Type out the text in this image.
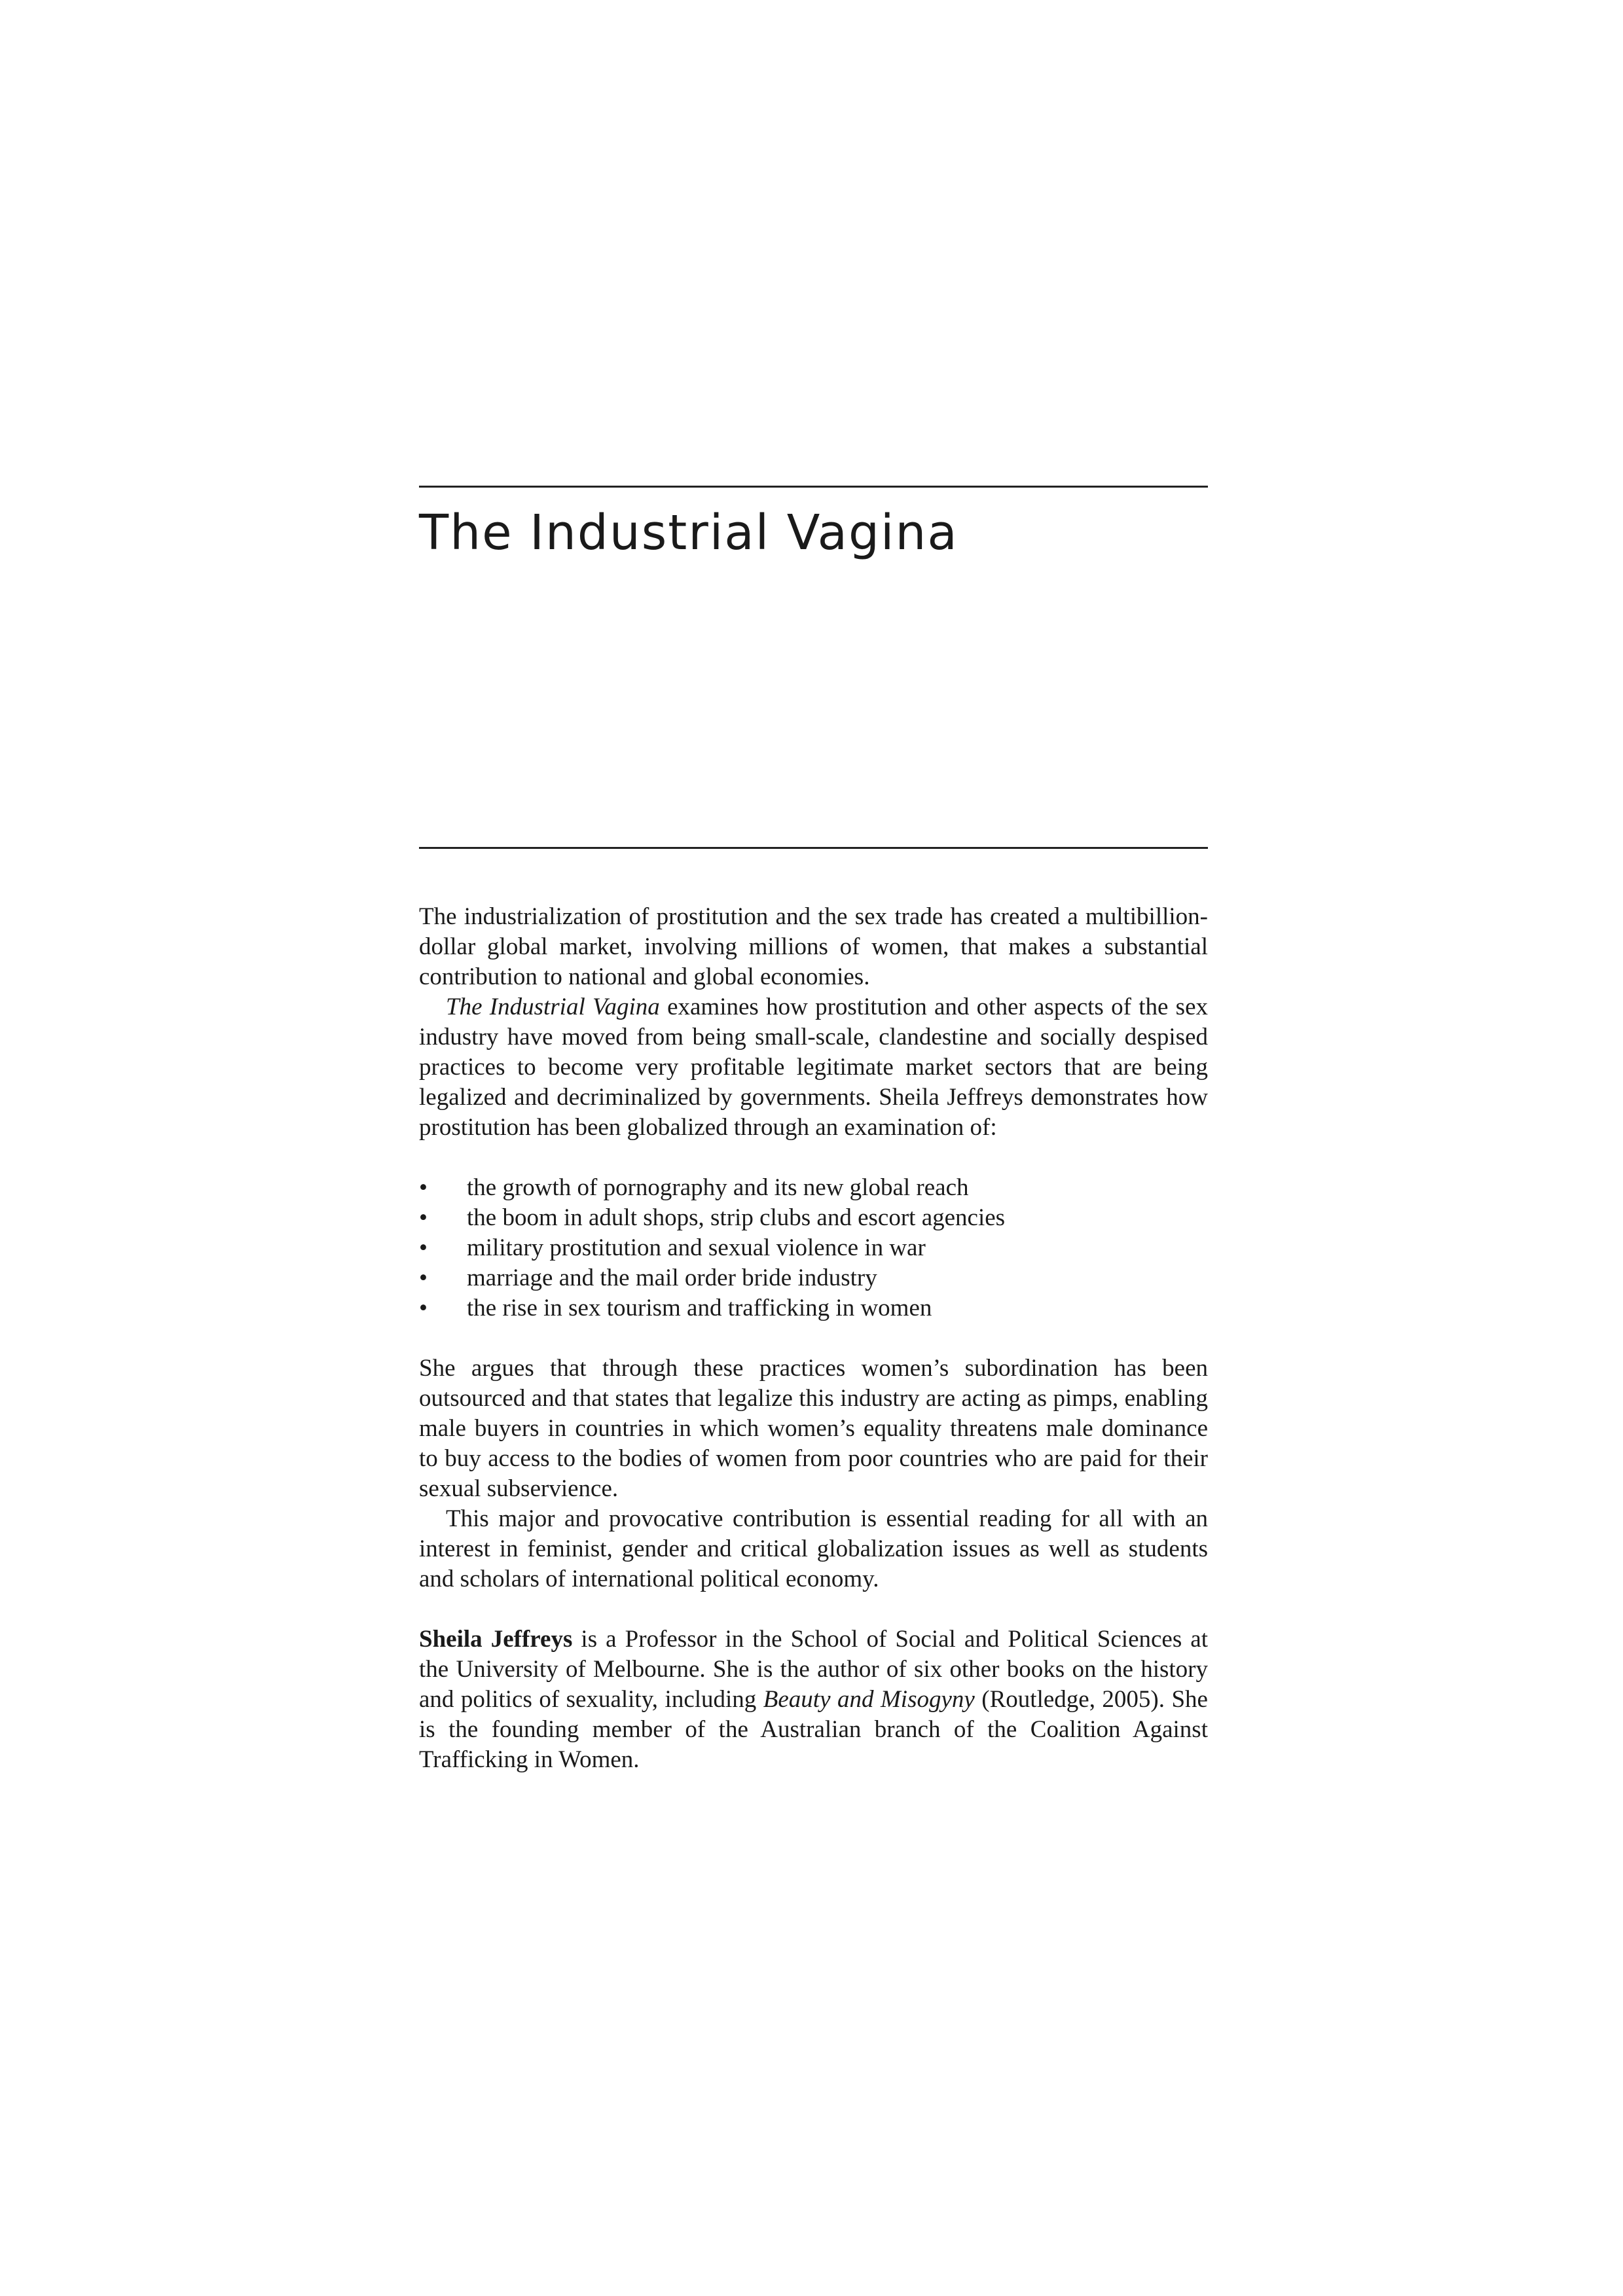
The Industrial Vagina

The industrialization of prostitution and the sex trade has created a multibillion-dollar global market, involving millions of women, that makes a substantial contribution to national and global economies.

The Industrial Vagina examines how prostitution and other aspects of the sex industry have moved from being small-scale, clandestine and socially despised practices to become very profitable legitimate market sectors that are being legalized and decriminalized by governments. Sheila Jeffreys demonstrates how prostitution has been globalized through an examination of:

• the growth of pornography and its new global reach
• the boom in adult shops, strip clubs and escort agencies
• military prostitution and sexual violence in war
• marriage and the mail order bride industry
• the rise in sex tourism and trafficking in women

She argues that through these practices women’s subordination has been outsourced and that states that legalize this industry are acting as pimps, enabling male buyers in countries in which women’s equality threatens male dominance to buy access to the bodies of women from poor countries who are paid for their sexual subservience.

This major and provocative contribution is essential reading for all with an interest in feminist, gender and critical globalization issues as well as students and scholars of international political economy.

Sheila Jeffreys is a Professor in the School of Social and Political Sciences at the University of Melbourne. She is the author of six other books on the history and politics of sexuality, including Beauty and Misogyny (Routledge, 2005). She is the founding member of the Australian branch of the Coalition Against Trafficking in Women.
